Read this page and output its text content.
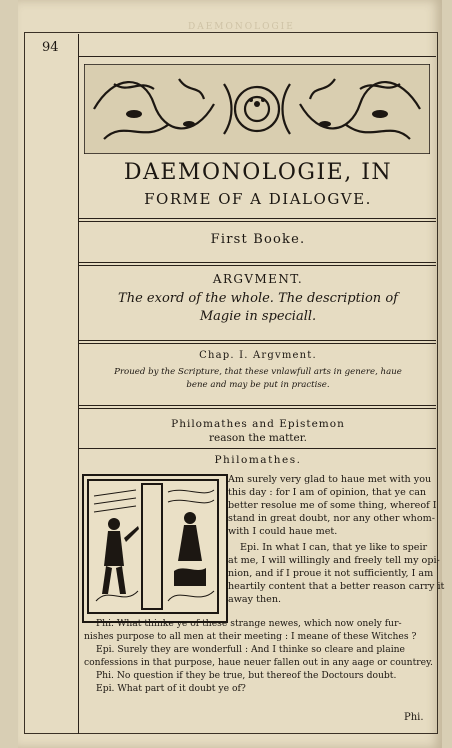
DAEMONOLOGIE
94
DAEMONOLOGIE, IN
FORME OF A DIALOGVE.
First Booke.
ARGVMENT.
The exord of the whole. The description of
Magie in speciall.
Chap. I. Argvment.
Proued by the Scripture, that these vnlawfull arts in genere, haue
bene and may be put in practise.
Philomathes and Epistemon
reason the matter.
Philomathes.
Am surely very glad to haue met with you
this day : for I am of opinion, that ye can
better resolue me of some thing, whereof I
stand in great doubt, nor any other whom-
with I could haue met.
Epi. In what I can, that ye like to speir
at me, I will willingly and freely tell my opi-
nion, and if I proue it not sufficiently, I am
heartily content that a better reason carry it
away then.
Phi. What thinke ye of these strange newes, which now onely fur-
nishes purpose to all men at their meeting : I meane of these Witches ?
Epi. Surely they are wonderfull : And I thinke so cleare and plaine
confessions in that purpose, haue neuer fallen out in any aage or countrey.
Phi. No question if they be true, but thereof the Doctours doubt.
Epi. What part of it doubt ye of?
Phi.
